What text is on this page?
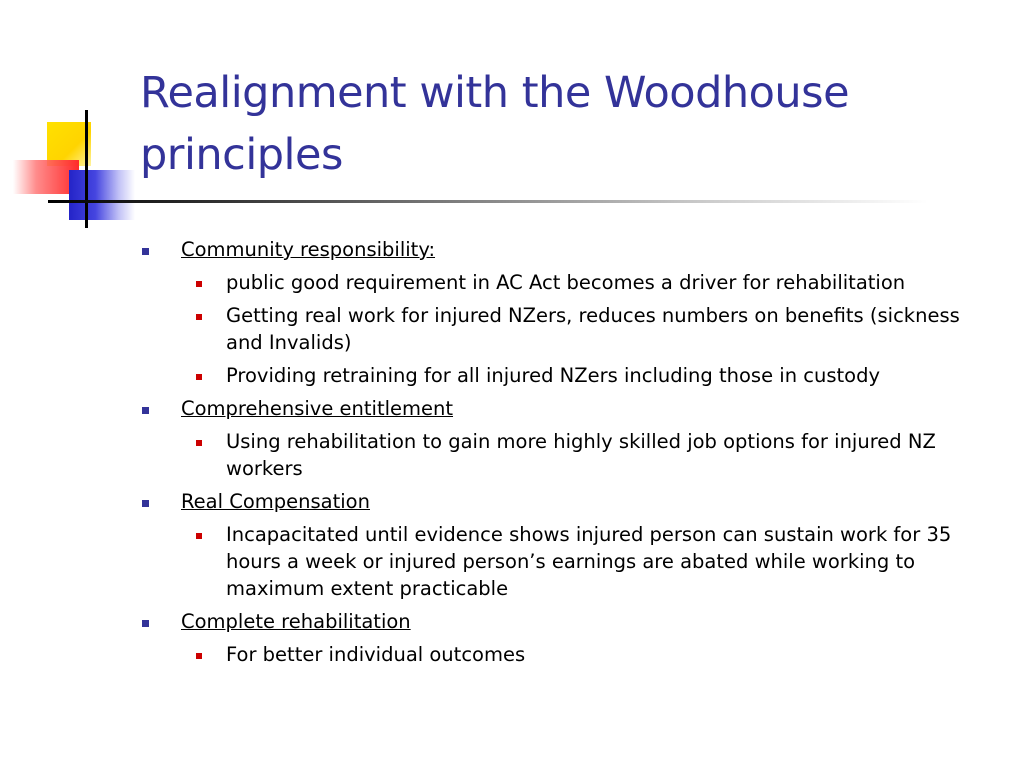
Realignment with the Woodhouse principles
Community responsibility:
public good requirement in AC Act becomes a driver for rehabilitation
Getting real work for injured NZers, reduces numbers on benefits (sickness and Invalids)
Providing retraining for all injured NZers including those in custody
Comprehensive entitlement
Using rehabilitation to gain more highly skilled job options for injured NZ workers
Real Compensation
Incapacitated until evidence shows injured person can sustain work for 35 hours a week or injured person’s earnings are abated while working to maximum extent practicable
Complete rehabilitation
For better individual outcomes
